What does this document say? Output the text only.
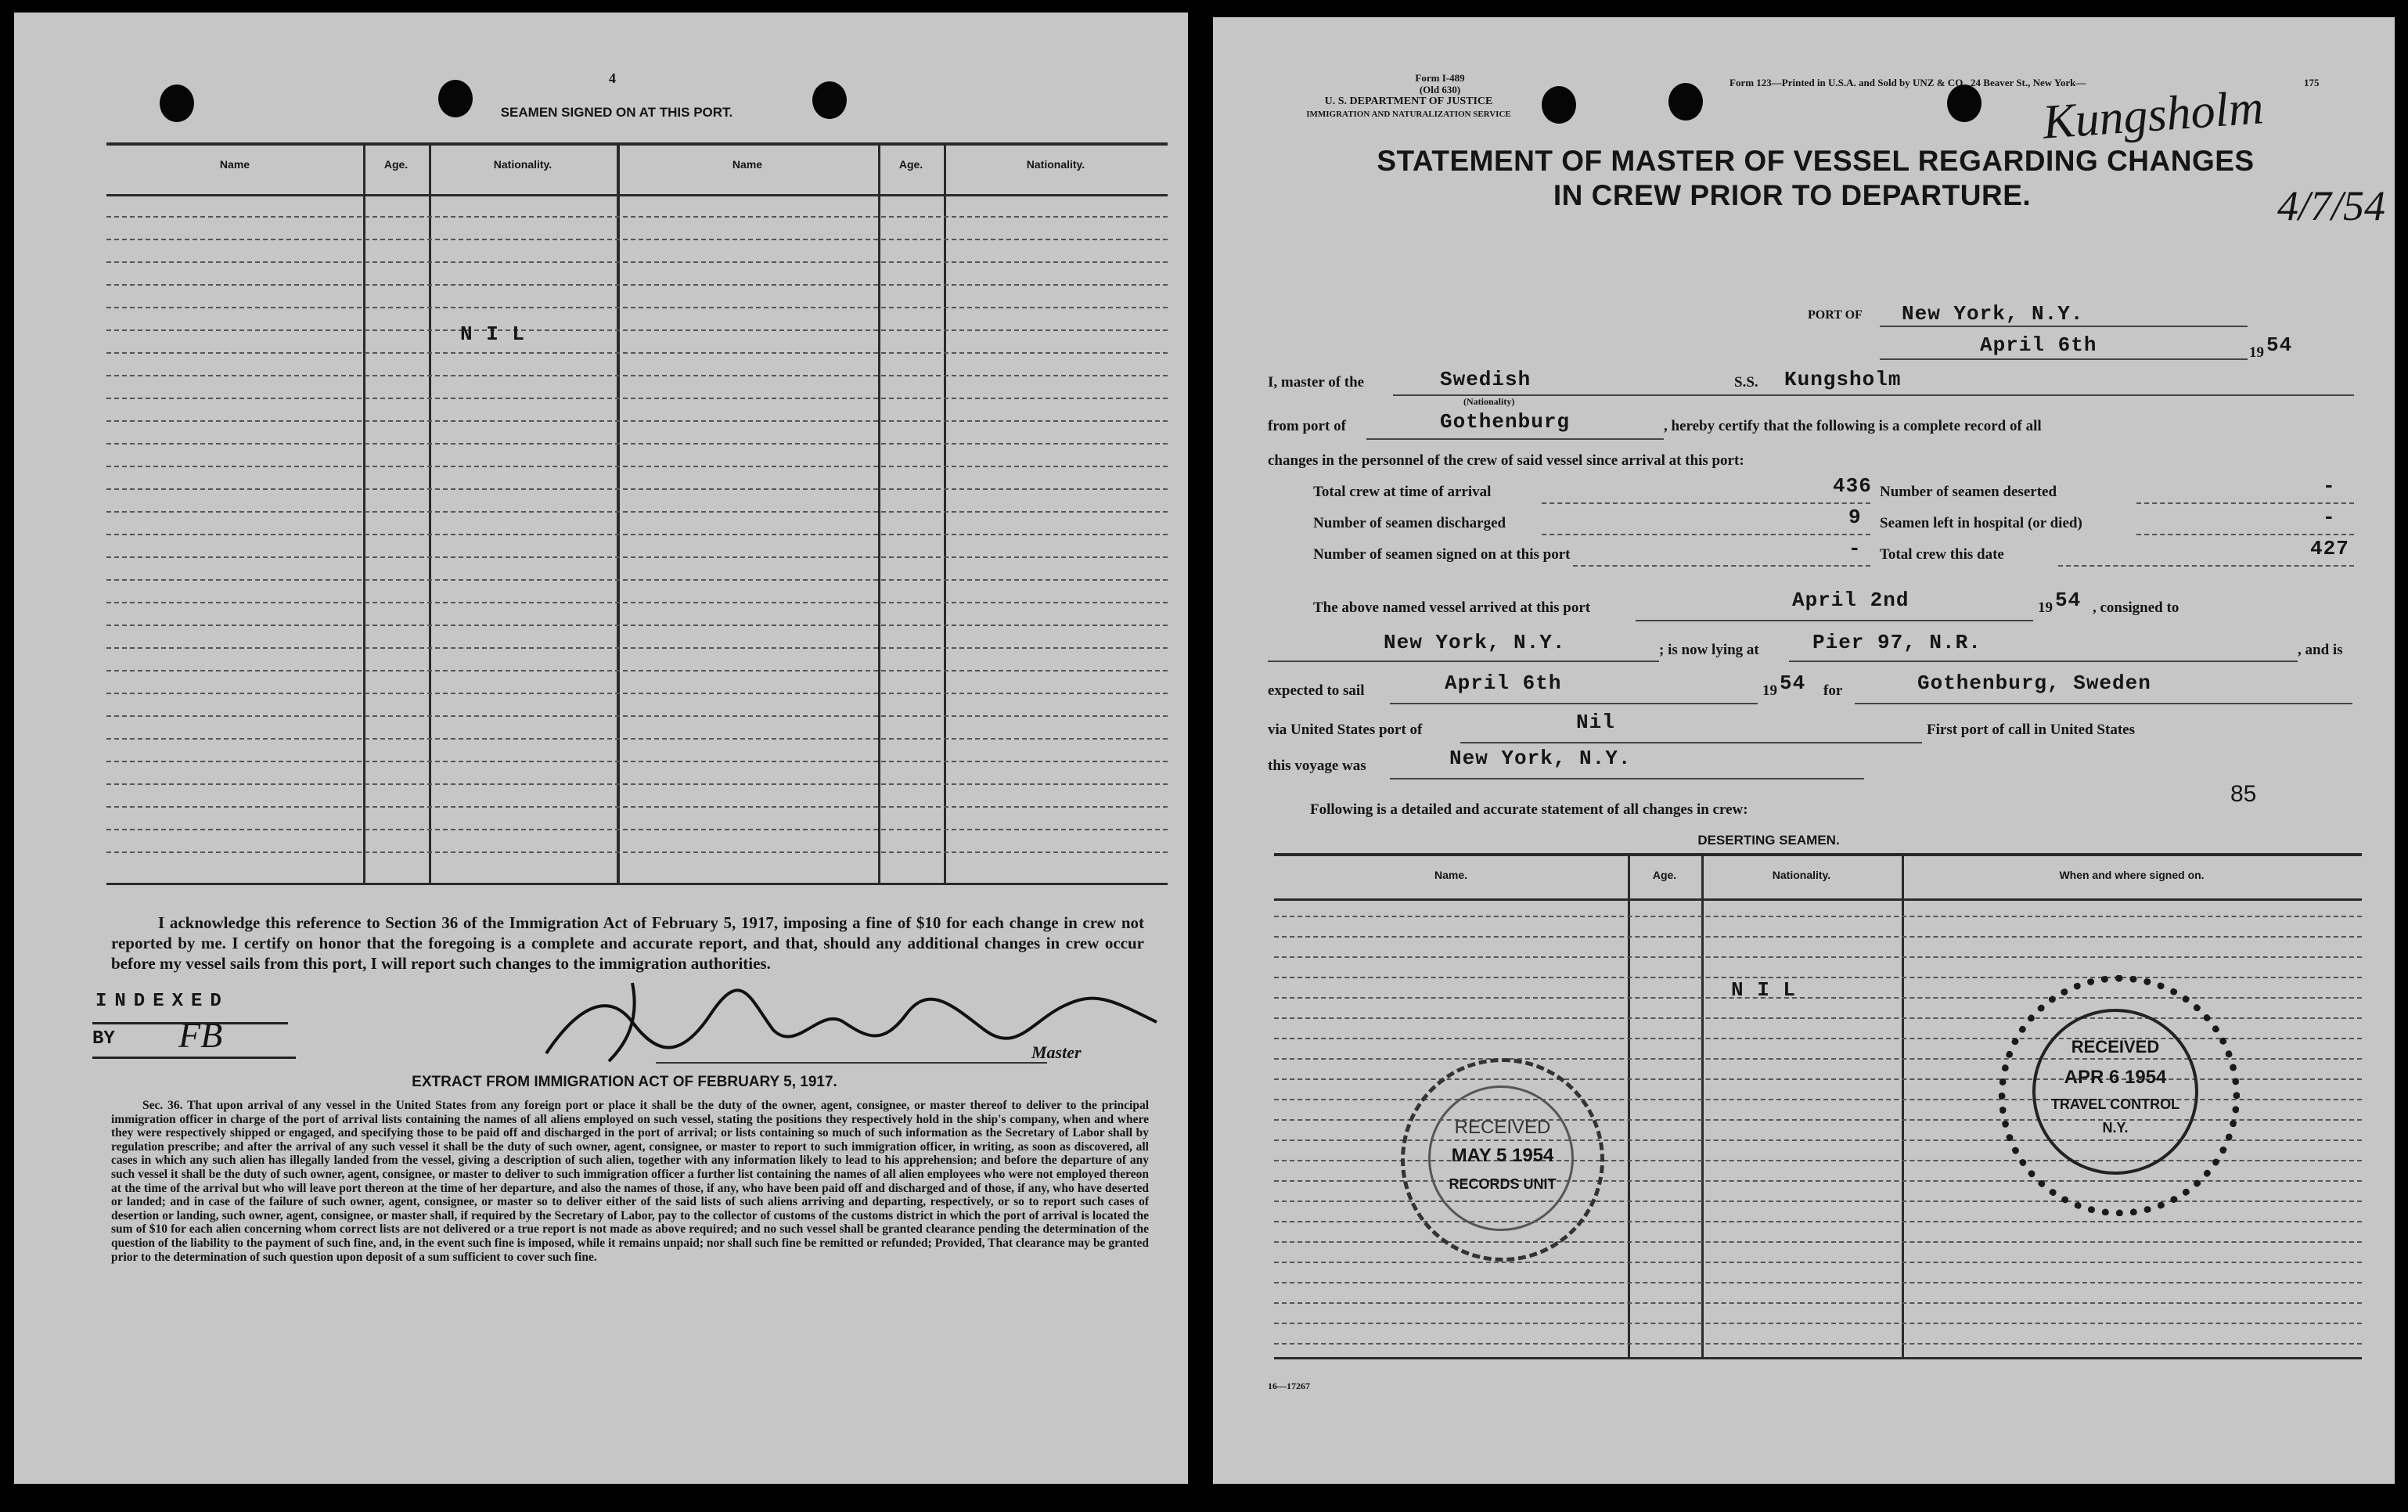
4
SEAMEN SIGNED ON AT THIS PORT.
Name	Age.	Nationality.	Name	Age.	Nationality.
N I L
I acknowledge this reference to Section 36 of the Immigration Act of February 5, 1917, imposing a fine of $10 for each change in crew not reported by me. I certify on honor that the foregoing is a complete and accurate report, and that, should any additional changes in crew occur before my vessel sails from this port, I will report such changes to the immigration authorities.
INDEXED
BY FB	Master
EXTRACT FROM IMMIGRATION ACT OF FEBRUARY 5, 1917.
Sec. 36. That upon arrival of any vessel in the United States from any foreign port or place it shall be the duty of the owner, agent, consignee, or master thereof to deliver to the principal immigration officer in charge of the port of arrival lists containing the names of all aliens employed on such vessel, stating the positions they respectively hold in the ship's company, when and where they were respectively shipped or engaged, and specifying those to be paid off and discharged in the port of arrival; or lists containing so much of such information as the Secretary of Labor shall by regulation prescribe; and after the arrival of any such vessel it shall be the duty of such owner, agent, consignee, or master to report to such immigration officer, in writing, as soon as discovered, all cases in which any such alien has illegally landed from the vessel, giving a description of such alien, together with any information likely to lead to his apprehension; and before the departure of any such vessel it shall be the duty of such owner, agent, consignee, or master to deliver to such immigration officer a further list containing the names of all alien employees who were not employed thereon at the time of the arrival but who will leave port thereon at the time of her departure, and also the names of those, if any, who have been paid off and discharged and of those, if any, who have deserted or landed; and in case of the failure of such owner, agent, consignee, or master so to deliver either of the said lists of such aliens arriving and departing, respectively, or so to report such cases of desertion or landing, such owner, agent, consignee, or master shall, if required by the Secretary of Labor, pay to the collector of customs of the customs district in which the port of arrival is located the sum of $10 for each alien concerning whom correct lists are not delivered or a true report is not made as above required; and no such vessel shall be granted clearance pending the determination of the question of the liability to the payment of such fine, and, in the event such fine is imposed, while it remains unpaid; nor shall such fine be remitted or refunded; Provided, That clearance may be granted prior to the determination of such question upon deposit of a sum sufficient to cover such fine.
Form I-489
(Old 630)
U. S. DEPARTMENT OF JUSTICE
IMMIGRATION AND NATURALIZATION SERVICE
Form 123—Printed in U.S.A. and Sold by UNZ & CO., 24 Beaver St., New York—	175
Kungsholm
4/7/54
STATEMENT OF MASTER OF VESSEL REGARDING CHANGES
IN CREW PRIOR TO DEPARTURE.
PORT OF New York, N.Y.
April 6th	19 54
I, master of the	Swedish
(Nationality)
S.S. Kungsholm
from port of	Gothenburg	, hereby certify that the following is a complete record of all
changes in the personnel of the crew of said vessel since arrival at this port:
Total crew at time of arrival	436 Number of seamen deserted	-
Number of seamen discharged	9 Seamen left in hospital (or died)	-
Number of seamen signed on at this port	- Total crew this date	427
The above named vessel arrived at this port	April 2nd	19 54 , consigned to
New York, N.Y.	; is now lying at	Pier 97, N.R.	, and is
expected to sail	April 6th	19 54 for	Gothenburg, Sweden
via United States port of	Nil	First port of call in United States
this voyage was	New York, N.Y.
85
Following is a detailed and accurate statement of all changes in crew:
DESERTING SEAMEN.
Name.	Age.	Nationality.	When and where signed on.
N I L
RECEIVED
MAY 5 1954
RECORDS UNIT
RECEIVED
APR 6 1954
TRAVEL CONTROL
N.Y.
16—17267
